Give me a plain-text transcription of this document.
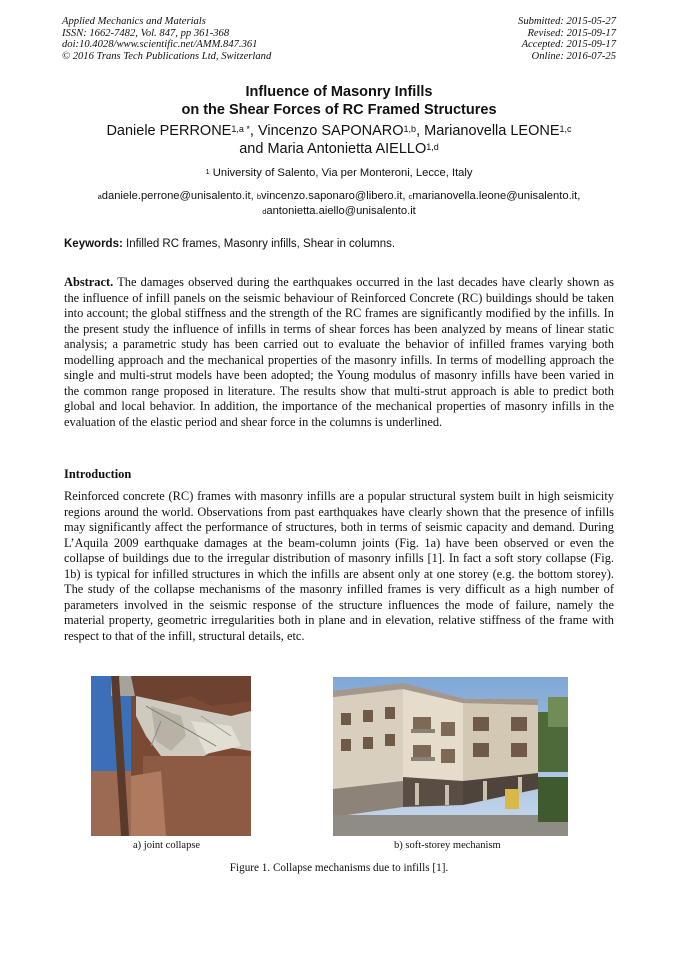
Applied Mechanics and Materials
ISSN: 1662-7482, Vol. 847, pp 361-368
doi:10.4028/www.scientific.net/AMM.847.361
© 2016 Trans Tech Publications Ltd, Switzerland
Submitted: 2015-05-27
Revised: 2015-09-17
Accepted: 2015-09-17
Online: 2016-07-25
Influence of Masonry Infills
on the Shear Forces of RC Framed Structures
Daniele $PERRONE^{1,a *}$, Vincenzo SAPONARO$^{1,b}$, Marianovella LEONE$^{1,c}$
and Maria Antonietta AIELLO$^{1,d}$
$^1$ University of Salento, Via per Monteroni, Lecce, Italy
$^a$daniele.perrone@unisalento.it, $^b$vincenzo.saponaro@libero.it, $^c$marianovella.leone@unisalento.it,
$^d$antonietta.aiello@unisalento.it
Keywords: Infilled RC frames, Masonry infills, Shear in columns.
Abstract. The damages observed during the earthquakes occurred in the last decades have clearly shown as the influence of infill panels on the seismic behaviour of Reinforced Concrete (RC) buildings should be taken into account; the global stiffness and the strength of the RC frames are significantly modified by the infills. In the present study the influence of infills in terms of shear forces has been analyzed by means of linear static analysis; a parametric study has been carried out to evaluate the behavior of infilled frames varying both modelling approach and the mechanical properties of the masonry infills. In terms of modelling approach the single and multi-strut models have been adopted; the Young modulus of masonry infills have been varied in the common range proposed in literature. The results show that multi-strut approach is able to predict both global and local behavior. In addition, the importance of the mechanical properties of masonry infills in the evaluation of the elastic period and shear force in the columns is underlined.
Introduction
Reinforced concrete (RC) frames with masonry infills are a popular structural system built in high seismicity regions around the world. Observations from past earthquakes have clearly shown that the presence of infills may significantly affect the performance of structures, both in terms of seismic capacity and demand. During L’Aquila 2009 earthquake damages at the beam-column joints (Fig. 1a) have been observed or even the collapse of buildings due to the irregular distribution of masonry infills [1]. In fact a soft story collapse (Fig. 1b) is typical for infilled structures in which the infills are absent only at one storey (e.g. the bottom storey). The study of the collapse mechanisms of the masonry infilled frames is very difficult as a high number of parameters involved in the seismic response of the structure influences the mode of failure, namely the material property, geometric irregularities both in plane and in elevation, relative stiffness of the frame with respect to that of the infill, structural details, etc.
a) joint collapse	b) soft-storey mechanism
Figure 1. Collapse mechanisms due to infills [1].
